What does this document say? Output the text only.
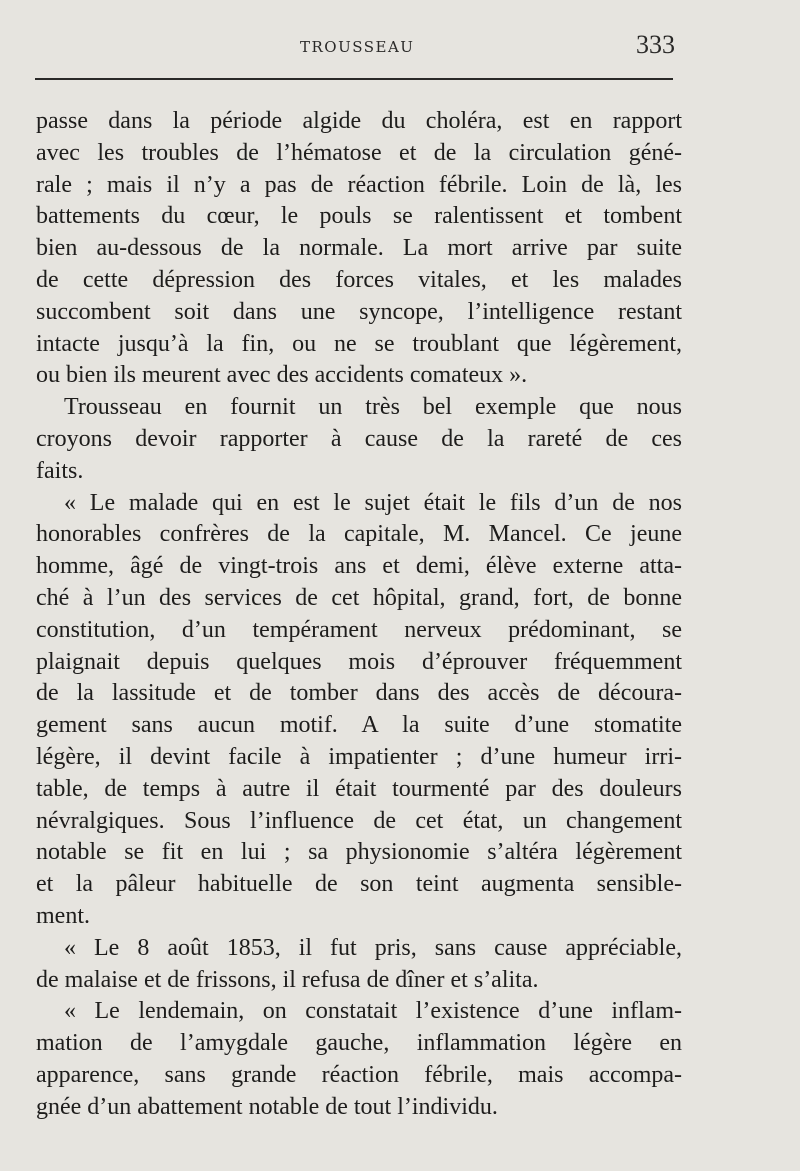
TROUSSEAU	333
passe dans la période algide du choléra, est en rapport
avec les troubles de l’hématose et de la circulation géné-
rale ; mais il n’y a pas de réaction fébrile. Loin de là, les
battements du cœur, le pouls se ralentissent et tombent
bien au-dessous de la normale. La mort arrive par suite
de cette dépression des forces vitales, et les malades
succombent soit dans une syncope, l’intelligence restant
intacte jusqu’à la fin, ou ne se troublant que légèrement,
ou bien ils meurent avec des accidents comateux ».
Trousseau en fournit un très bel exemple que nous
croyons devoir rapporter à cause de la rareté de ces
faits.
« Le malade qui en est le sujet était le fils d’un de nos
honorables confrères de la capitale, M. Mancel. Ce jeune
homme, âgé de vingt-trois ans et demi, élève externe atta-
ché à l’un des services de cet hôpital, grand, fort, de bonne
constitution, d’un tempérament nerveux prédominant, se
plaignait depuis quelques mois d’éprouver fréquemment
de la lassitude et de tomber dans des accès de découra-
gement sans aucun motif. A la suite d’une stomatite
légère, il devint facile à impatienter ; d’une humeur irri-
table, de temps à autre il était tourmenté par des douleurs
névralgiques. Sous l’influence de cet état, un changement
notable se fit en lui ; sa physionomie s’altéra légèrement
et la pâleur habituelle de son teint augmenta sensible-
ment.
« Le 8 août 1853, il fut pris, sans cause appréciable,
de malaise et de frissons, il refusa de dîner et s’alita.
« Le lendemain, on constatait l’existence d’une inflam-
mation de l’amygdale gauche, inflammation légère en
apparence, sans grande réaction fébrile, mais accompa-
gnée d’un abattement notable de tout l’individu.
